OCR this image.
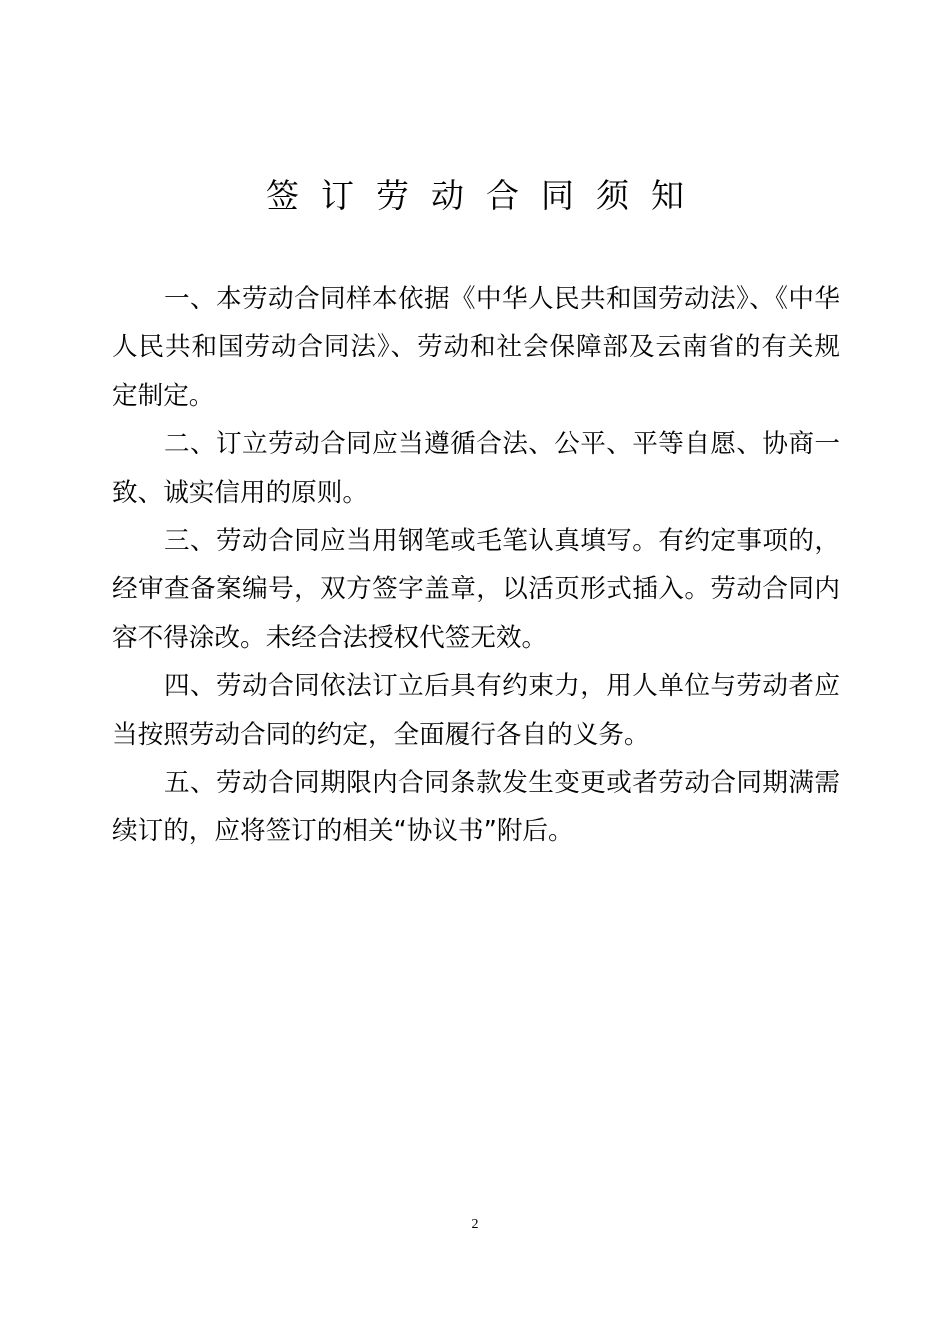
签订劳动合同须知

一、本劳动合同样本依据《中华人民共和国劳动法》、《中华人民共和国劳动合同法》、劳动和社会保障部及云南省的有关规定制定。

二、订立劳动合同应当遵循合法、公平、平等自愿、协商一致、诚实信用的原则。

三、劳动合同应当用钢笔或毛笔认真填写。有约定事项的，经审查备案编号，双方签字盖章，以活页形式插入。劳动合同内容不得涂改。未经合法授权代签无效。

四、劳动合同依法订立后具有约束力，用人单位与劳动者应当按照劳动合同的约定，全面履行各自的义务。

五、劳动合同期限内合同条款发生变更或者劳动合同期满需续订的，应将签订的相关“协议书”附后。

2
